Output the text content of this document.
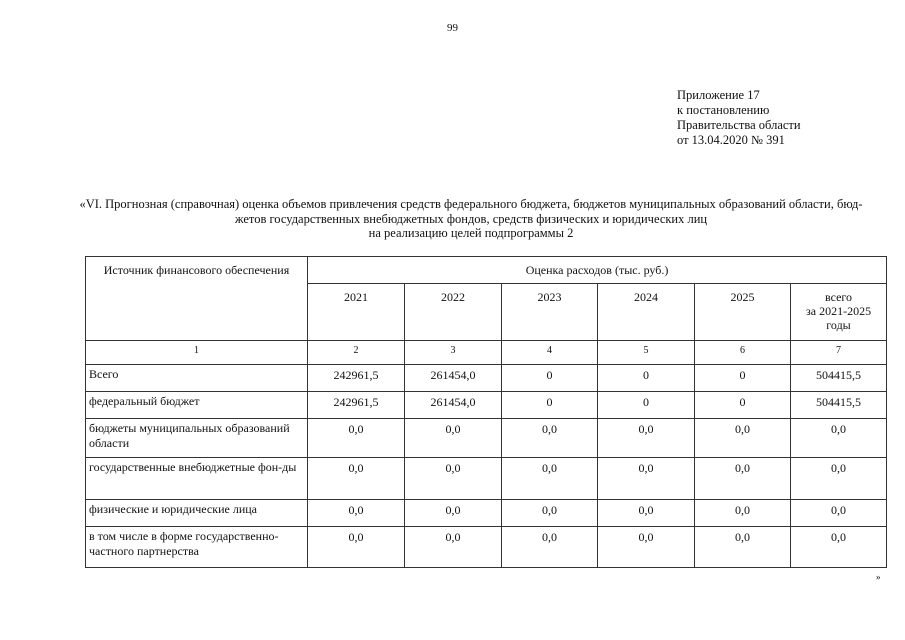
99
Приложение 17
к постановлению
Правительства области
от 13.04.2020 № 391
«VI. Прогнозная (справочная) оценка объемов привлечения средств федерального бюджета, бюджетов муниципальных образований области, бюд-
жетов государственных внебюджетных фондов, средств физических и юридических лиц
на реализацию целей подпрограммы 2
Источник финансового обеспечения	Оценка расходов (тыс. руб.)					
	2021	2022	2023	2024	2025	всего
за 2021-2025
годы

1	2	3	4	5	6	7
Всего	242961,5	261454,0	0	0	0	504415,5
федеральный бюджет	242961,5	261454,0	0	0	0	504415,5
бюджеты муниципальных образований области	0,0	0,0	0,0	0,0	0,0	0,0
государственные внебюджетные фон-ды	0,0	0,0	0,0	0,0	0,0	0,0
физические и юридические лица	0,0	0,0	0,0	0,0	0,0	0,0
в том числе в форме государственно-частного партнерства	0,0	0,0	0,0	0,0	0,0	0,0
»
